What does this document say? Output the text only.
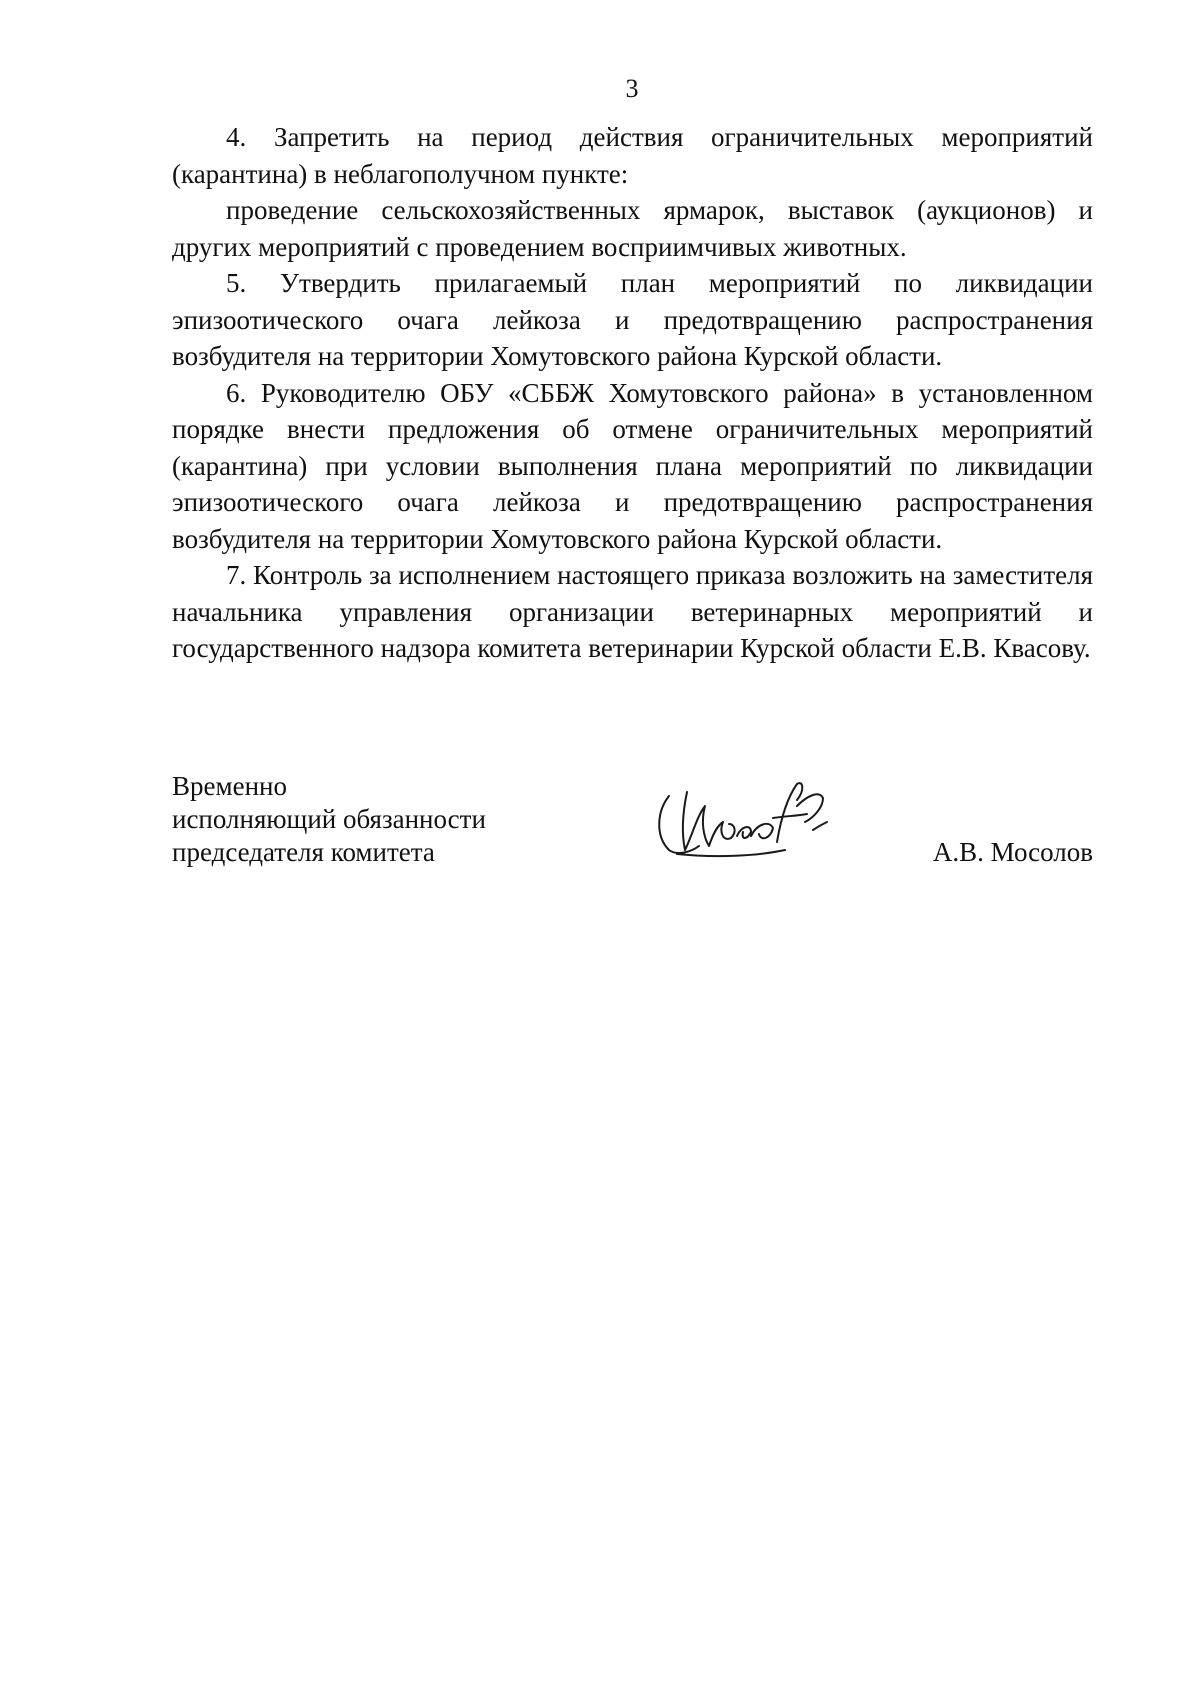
3

4. Запретить на период действия ограничительных мероприятий (карантина) в неблагополучном пункте:

проведение сельскохозяйственных ярмарок, выставок (аукционов) и других мероприятий с проведением восприимчивых животных.

5. Утвердить прилагаемый план мероприятий по ликвидации эпизоотического очага лейкоза и предотвращению распространения возбудителя на территории Хомутовского района Курской области.

6. Руководителю ОБУ «СББЖ Хомутовского района» в установленном порядке внести предложения об отмене ограничительных мероприятий (карантина) при условии выполнения плана мероприятий по ликвидации эпизоотического очага лейкоза и предотвращению распространения возбудителя на территории Хомутовского района Курской области.

7. Контроль за исполнением настоящего приказа возложить на заместителя начальника управления организации ветеринарных мероприятий и государственного надзора комитета ветеринарии Курской области Е.В. Квасову.

Временно
исполняющий обязанности
председателя комитета	А.В. Мосолов
